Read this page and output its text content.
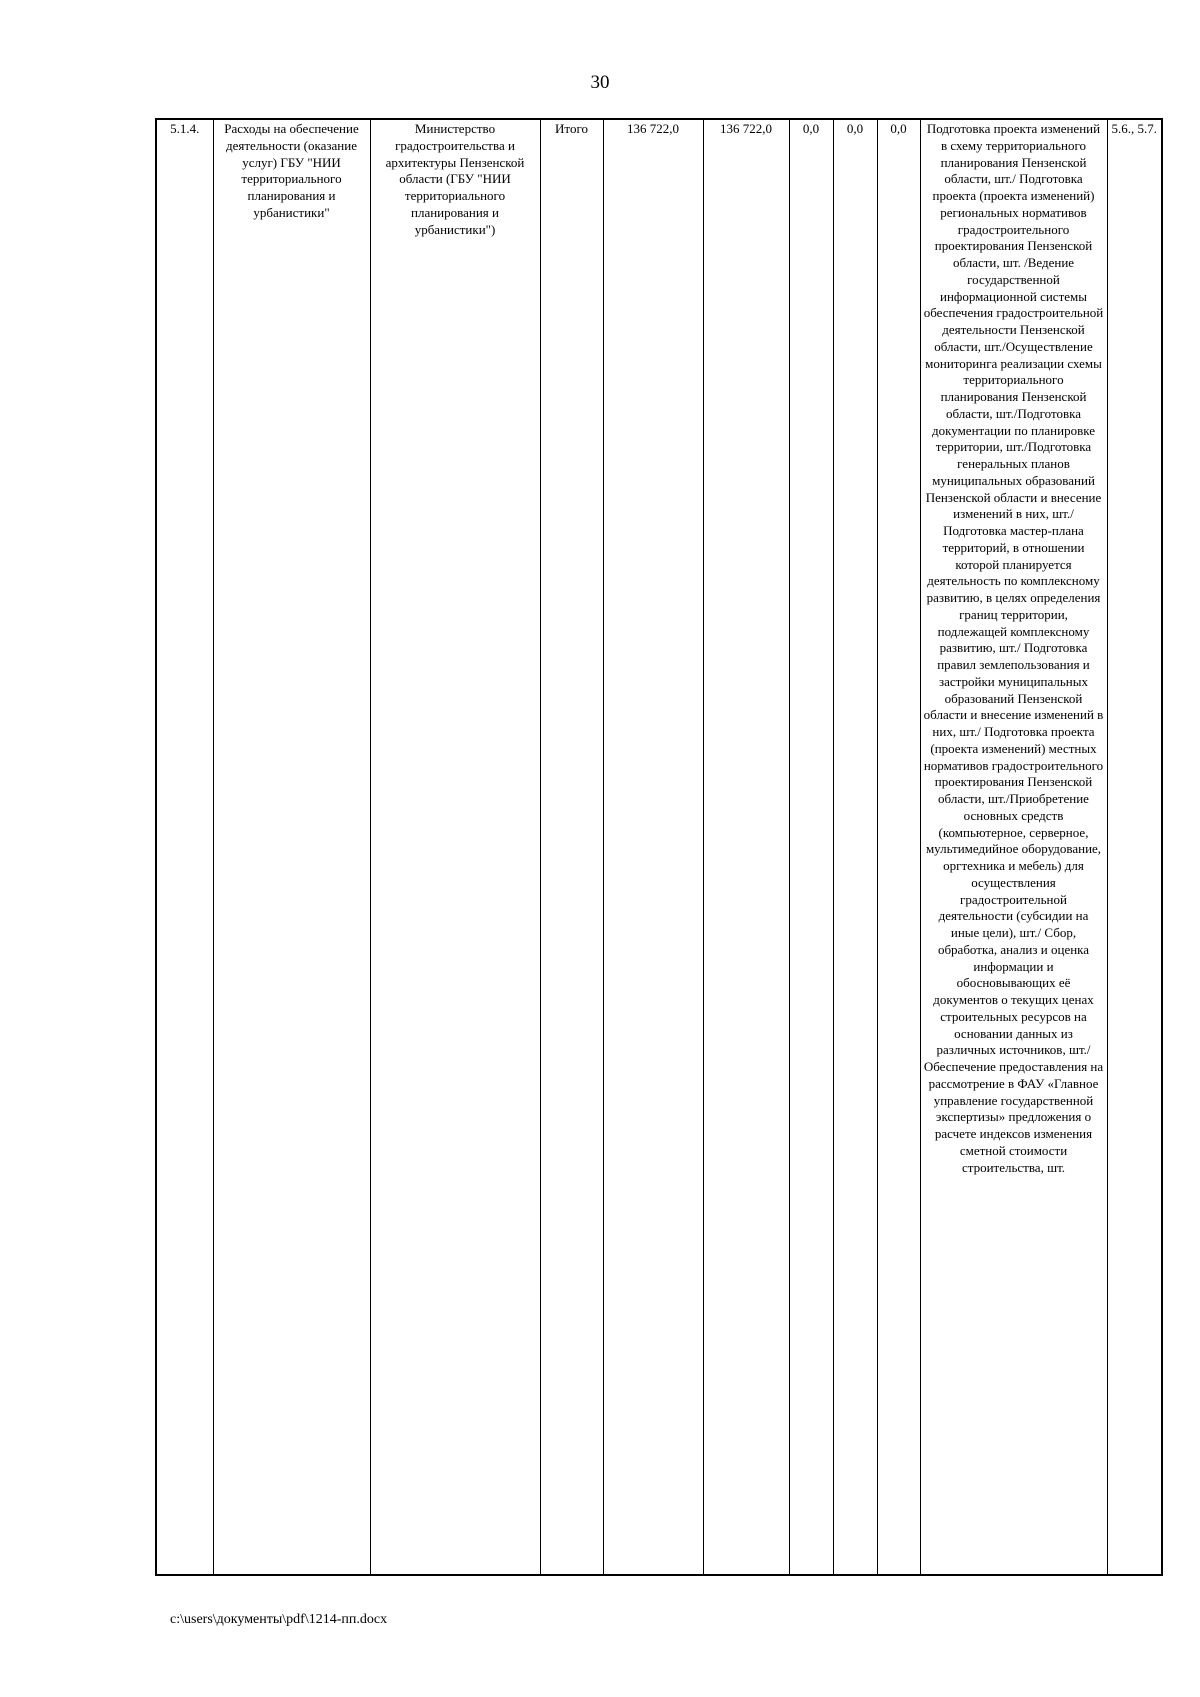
30
5.1.4.	Расходы на обеспечение деятельности (оказание услуг) ГБУ "НИИ территориального планирования и урбанистики"	Министерство градостроительства и архитектуры Пензенской области (ГБУ "НИИ территориального планирования и урбанистики")	Итого	136 722,0	136 722,0	0,0	0,0	0,0	Подготовка проекта изменений в схему территориального планирования Пензенской области, шт./ Подготовка проекта (проекта изменений) региональных нормативов градостроительного проектирования Пензенской области, шт. /Ведение государственной информационной системы обеспечения градостроительной деятельности Пензенской области, шт./Осуществление мониторинга реализации схемы территориального планирования Пензенской области, шт./Подготовка документации по планировке территории, шт./Подготовка генеральных планов муниципальных образований Пензенской области и внесение изменений в них, шт./ Подготовка мастер-плана территорий, в отношении которой планируется деятельность по комплексному развитию, в целях определения границ территории, подлежащей комплексному развитию, шт./ Подготовка правил землепользования и застройки муниципальных образований Пензенской области и внесение изменений в них, шт./ Подготовка проекта (проекта изменений) местных нормативов градостроительного проектирования Пензенской области, шт./Приобретение основных средств (компьютерное, серверное, мультимедийное оборудование, оргтехника и мебель) для осуществления градостроительной деятельности (субсидии на иные цели), шт./ Сбор, обработка, анализ и оценка информации и обосновывающих её документов о текущих ценах строительных ресурсов на основании данных из различных источников, шт./ Обеспечение предоставления на рассмотрение в ФАУ «Главное управление государственной экспертизы» предложения о расчете индексов изменения сметной стоимости строительства, шт.	5.6., 5.7.
c:\users\документы\pdf\1214-пп.docx
